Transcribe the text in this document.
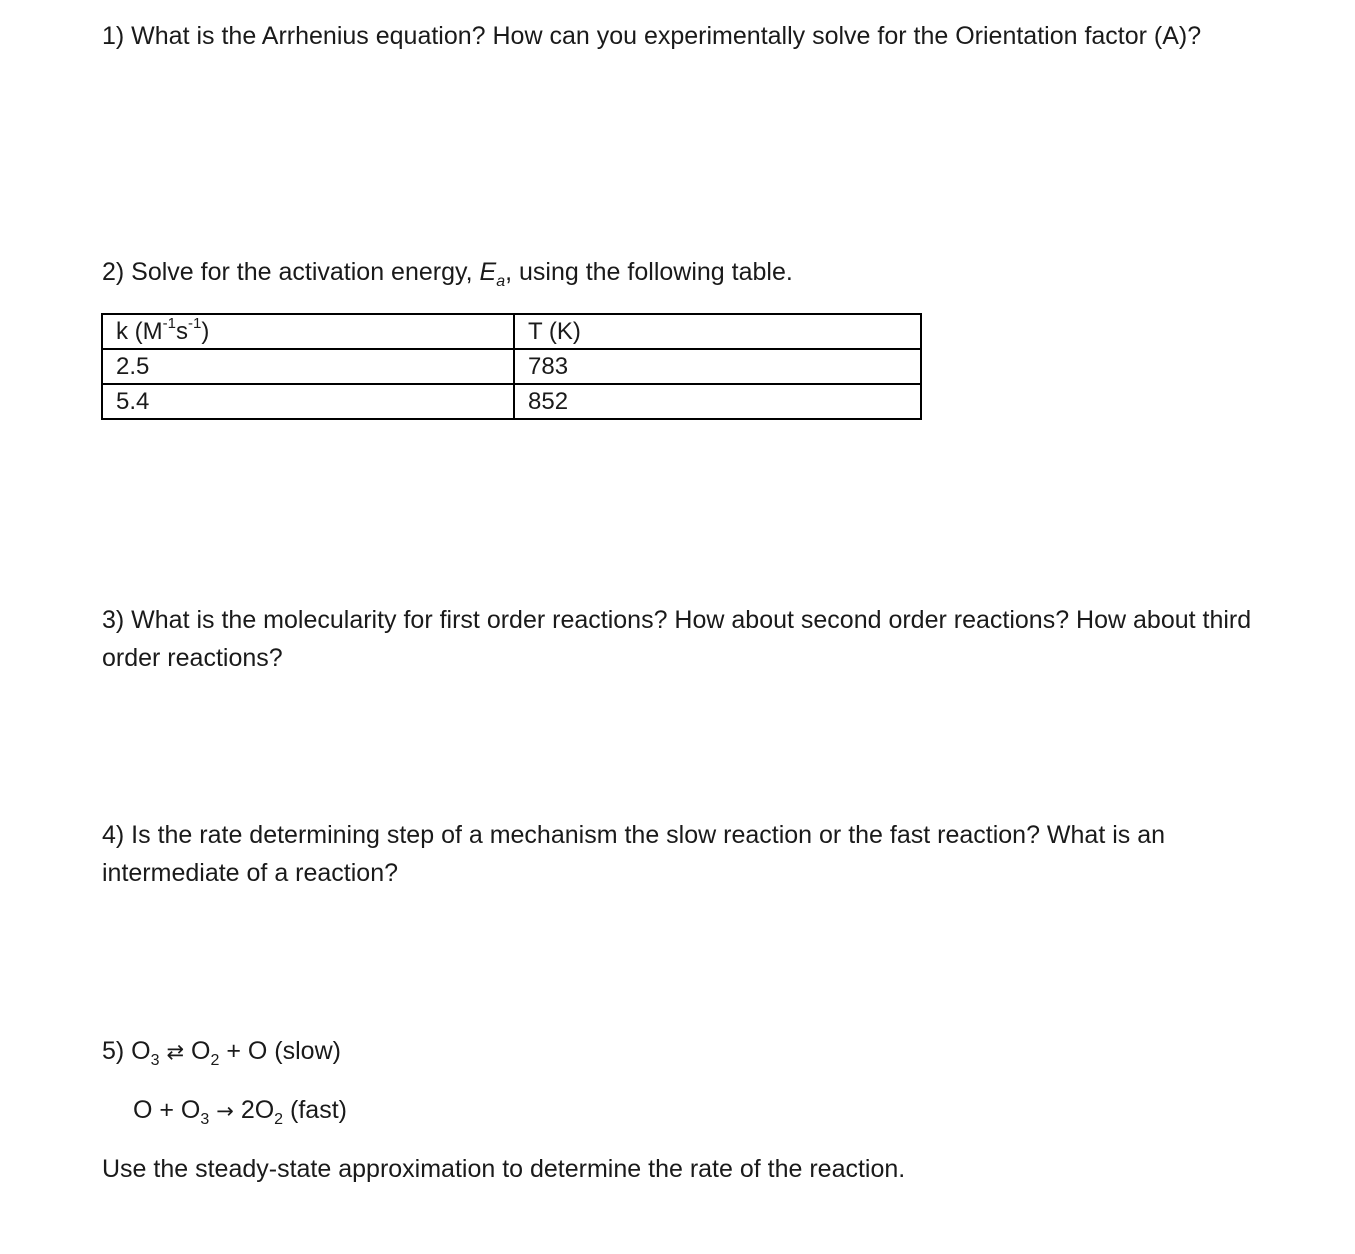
1) What is the Arrhenius equation? How can you experimentally solve for the Orientation factor (A)?

2) Solve for the activation energy, $E_a$, using the following table.

k $(M^{-1}s^{-1})$	T (K)
2.5	783
5.4	852

3) What is the molecularity for first order reactions? How about second order reactions? How about third order reactions?

4) Is the rate determining step of a mechanism the slow reaction or the fast reaction? What is an intermediate of a reaction?

5) $O_3$ ⇄ $O_2 + O$ (slow)

$O + O_3 \to 2O_2$ (fast)

Use the steady-state approximation to determine the rate of the reaction.
